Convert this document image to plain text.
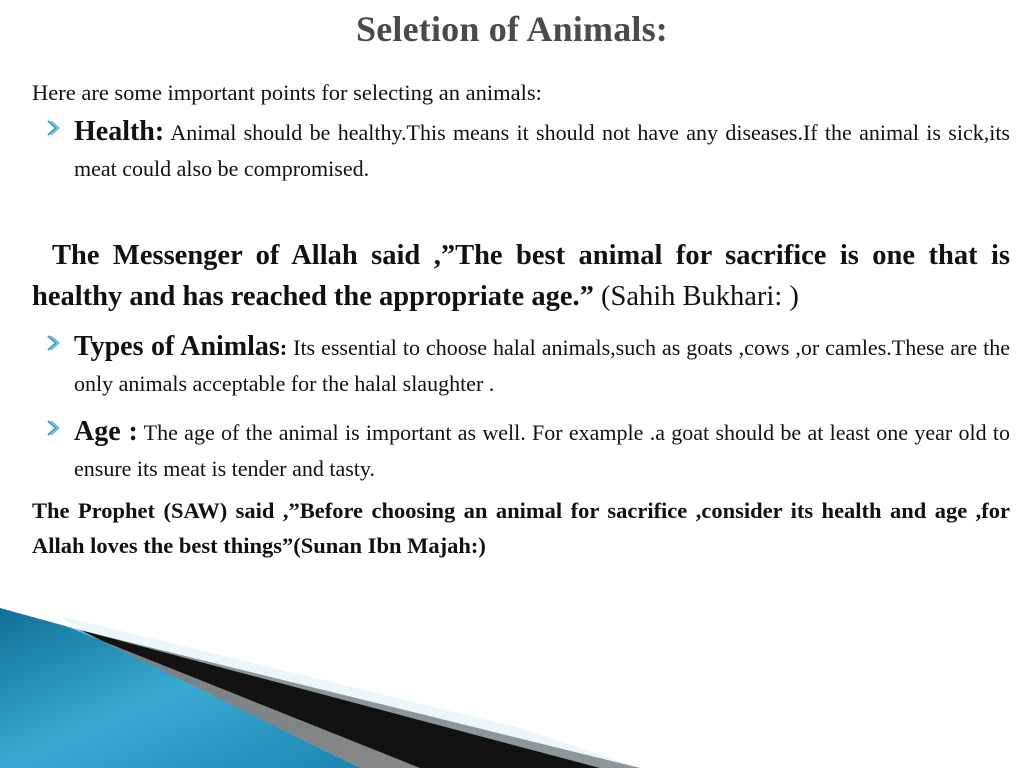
Seletion of Animals:

Here are some important points for selecting an animals:

Health: Animal should be healthy.This means it should not have any diseases.If the animal is sick,its meat could also be compromised.

The Messenger of Allah said ,”The best animal for sacrifice is one that is healthy and has reached the appropriate age.” (Sahih Bukhari: )

Types of Animlas: Its essential to choose halal animals,such as goats ,cows ,or camles.These are the only animals acceptable for the halal slaughter .

Age : The age of the animal is important as well. For example .a goat should be at least one year old to ensure its meat is tender and tasty.

The Prophet (SAW) said ,”Before choosing an animal for sacrifice ,consider its health and age ,for Allah loves the best things”(Sunan Ibn Majah:)
